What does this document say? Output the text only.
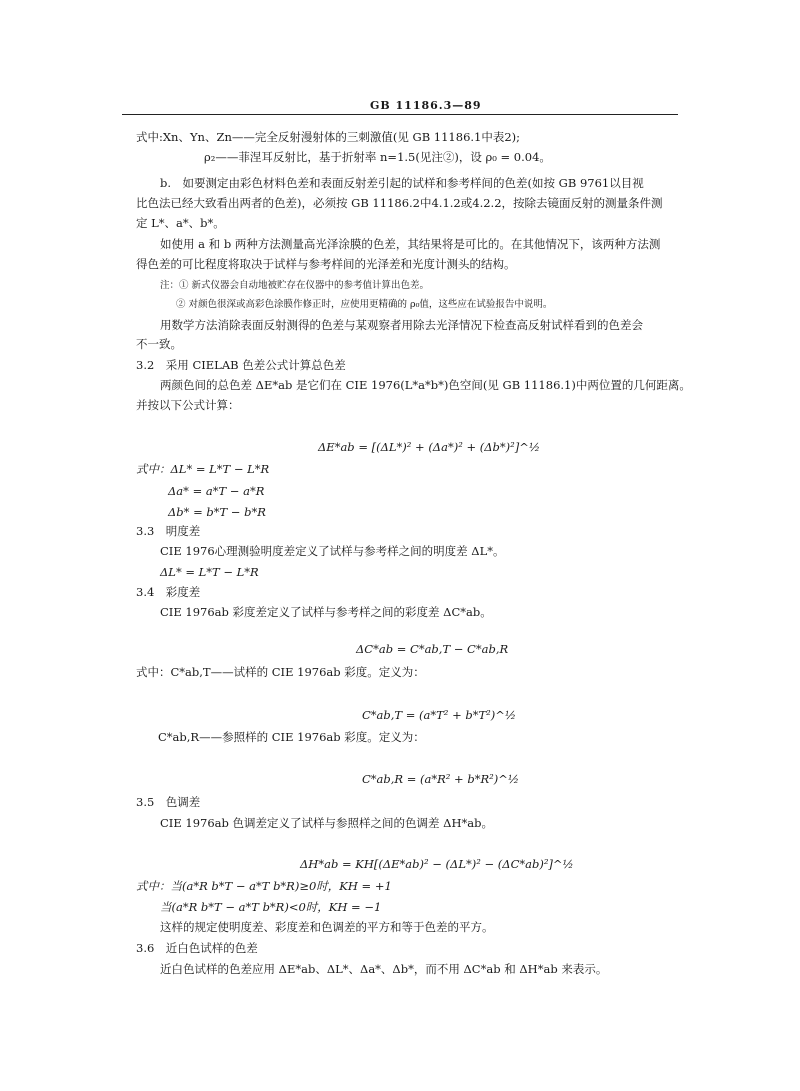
GB 11186.3—89
式中:Xn、Yn、Zn——完全反射漫射体的三刺激值(见 GB 11186.1中表2);
ρ₂——菲涅耳反射比，基于折射率 n=1.5(见注②)，设 ρ₀ = 0.04。
b.　如要测定由彩色材料色差和表面反射差引起的试样和参考样间的色差(如按 GB 9761以目视
比色法已经大致看出两者的色差)，必须按 GB 11186.2中4.1.2或4.2.2，按除去镜面反射的测量条件测
定 L*、a*、b*。
如使用 a 和 b 两种方法测量高光泽涂膜的色差，其结果将是可比的。在其他情况下，该两种方法测
得色差的可比程度将取决于试样与参考样间的光泽差和光度计测头的结构。
注：① 新式仪器会自动地被贮存在仪器中的参考值计算出色差。
② 对颜色很深或高彩色涂膜作修正时，应使用更精确的 ρ₀值，这些应在试验报告中说明。
用数学方法消除表面反射测得的色差与某观察者用除去光泽情况下检查高反射试样看到的色差会
不一致。
3.2　采用 CIELAB 色差公式计算总色差
两颜色间的总色差 ΔE*ab 是它们在 CIE 1976(L*a*b*)色空间(见 GB 11186.1)中两位置的几何距离。
并按以下公式计算：
ΔE*ab = [(ΔL*)² + (Δa*)² + (Δb*)²]^½
式中：ΔL* = L*T − L*R
Δa* = a*T − a*R
Δb* = b*T − b*R
3.3　明度差
CIE 1976心理测验明度差定义了试样与参考样之间的明度差 ΔL*。
ΔL* = L*T − L*R
3.4　彩度差
CIE 1976ab 彩度差定义了试样与参考样之间的彩度差 ΔC*ab。
ΔC*ab = C*ab,T − C*ab,R
式中：C*ab,T——试样的 CIE 1976ab 彩度。定义为：
C*ab,T = (a*T² + b*T²)^½
C*ab,R——参照样的 CIE 1976ab 彩度。定义为：
C*ab,R = (a*R² + b*R²)^½
3.5　色调差
CIE 1976ab 色调差定义了试样与参照样之间的色调差 ΔH*ab。
ΔH*ab = KH[(ΔE*ab)² − (ΔL*)² − (ΔC*ab)²]^½
式中：当(a*R b*T − a*T b*R)≥0时，KH = +1
当(a*R b*T − a*T b*R)<0时，KH = −1
这样的规定使明度差、彩度差和色调差的平方和等于色差的平方。
3.6　近白色试样的色差
近白色试样的色差应用 ΔE*ab、ΔL*、Δa*、Δb*，而不用 ΔC*ab 和 ΔH*ab 来表示。
